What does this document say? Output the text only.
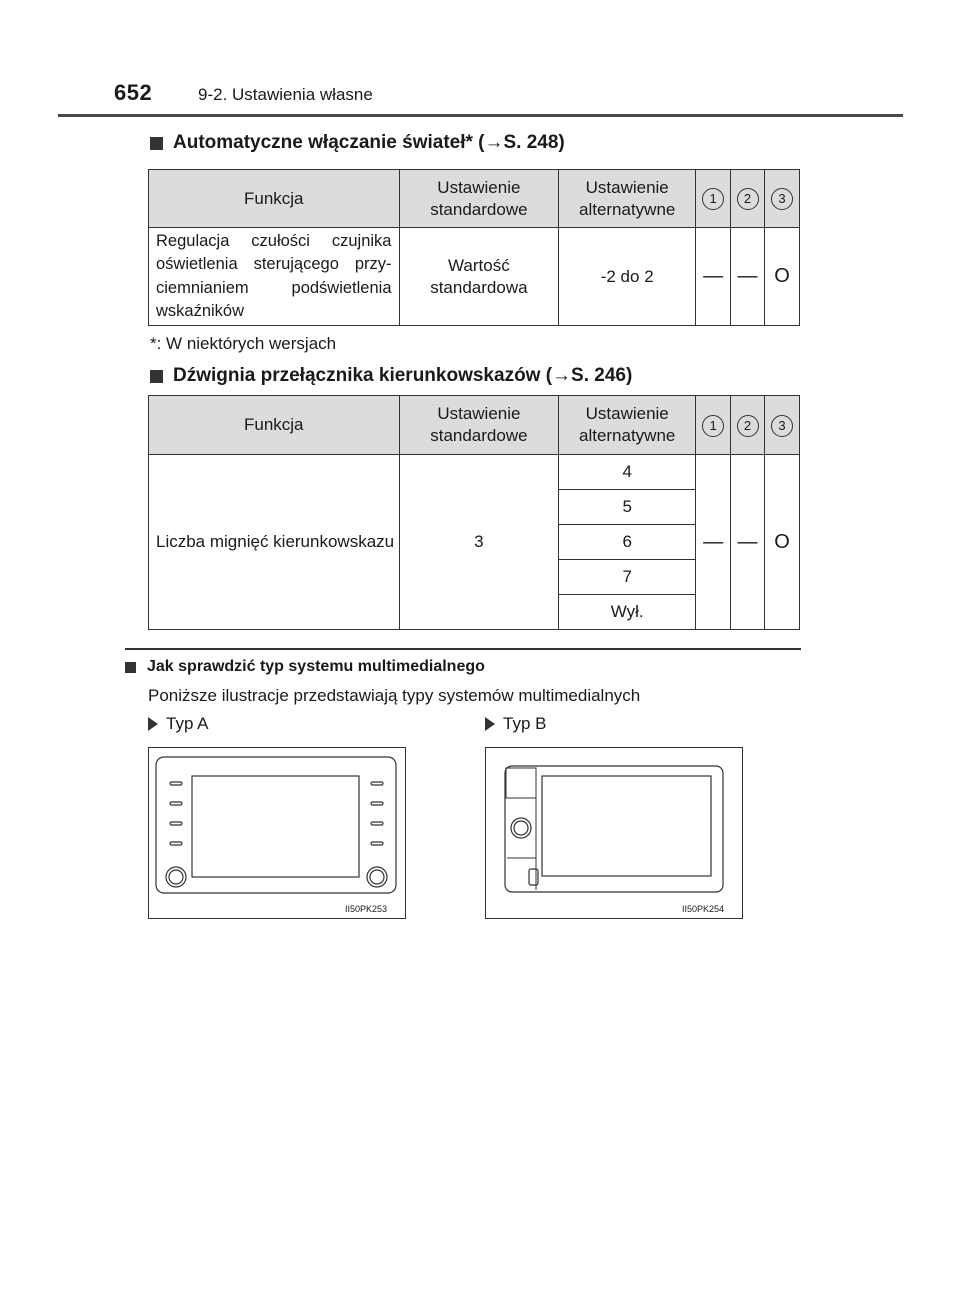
652	9-2. Ustawienia własne
Automatyczne włączanie świateł* (→S. 248)
Funkcja	Ustawienie standardowe	Ustawienie alternatywne	1	2	3
Regulacja czułości czujnika oświetlenia sterującego przy- ciemnianiem podświetlenia wskaźników	Wartość standardowa	-2 do 2	—	—	O
*: W niektórych wersjach
Dźwignia przełącznika kierunkowskazów (→S. 246)
Funkcja	Ustawienie standardowe	Ustawienie alternatywne	1	2	3
Liczba mignięć kierunkowskazu	3	4	—	—	O
		5			
		6			
		7			
		Wył.			
Jak sprawdzić typ systemu multimedialnego
Poniższe ilustracje przedstawiają typy systemów multimedialnych
Typ A	Typ B
II50PK253	II50PK254
